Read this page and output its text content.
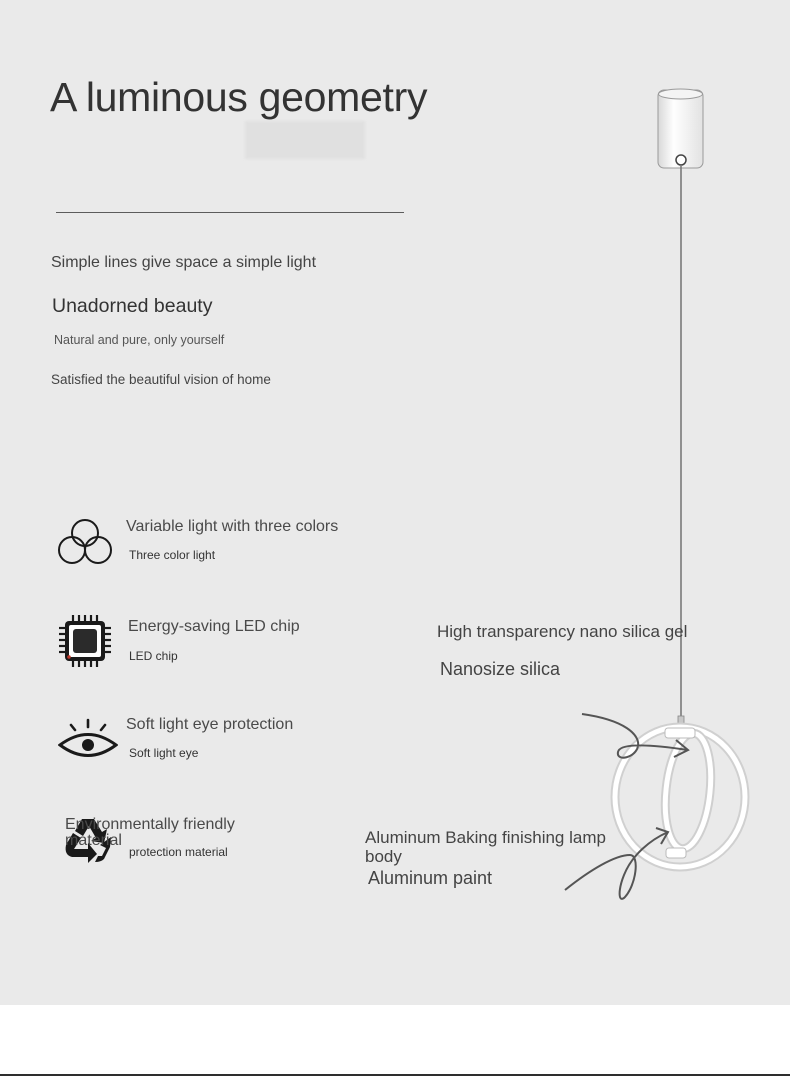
A luminous geometry
Simple lines give space a simple light
Unadorned beauty
Natural and pure, only yourself
Satisfied the beautiful vision of home
Variable light with three colors
Three color light
Energy-saving LED chip
LED chip
Soft light eye protection
Soft light eye
Environmentally friendly material
protection material
High transparency nano silica gel
Nanosize silica
Aluminum Baking finishing lamp
body
Aluminum paint
